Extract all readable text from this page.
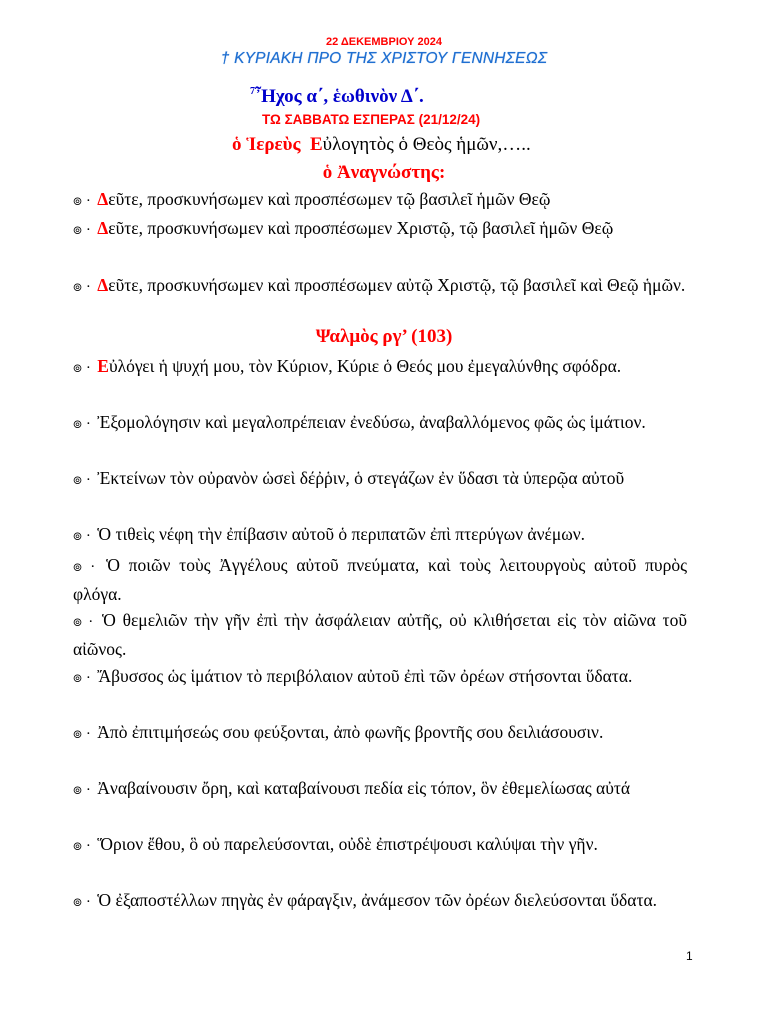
22 ΔΕΚΕΜΒΡΙΟΥ 2024
† ΚΥΡΙΑΚΗ ΠΡΟ ΤΗΣ ΧΡΙΣΤΟΥ ΓΕΝΝΗΣΕΩΣ
$^7$Ἦχος α΄, ἑωθινὸν Δ΄.
ΤΩ ΣΑΒΒΑΤΩ ΕΣΠΕΡΑΣ (21/12/24)
ὁ Ἱερεὺς Εὐλογητὸς ὁ Θεὸς ἡμῶν,…..
ὁ Ἀναγνώστης:
๏ · Δεῦτε, προσκυνήσωμεν καὶ προσπέσωμεν τῷ βασιλεῖ ἡμῶν Θεῷ
๏ · Δεῦτε, προσκυνήσωμεν καὶ προσπέσωμεν Χριστῷ, τῷ βασιλεῖ ἡμῶν Θεῷ
๏ · Δεῦτε, προσκυνήσωμεν καὶ προσπέσωμεν αὐτῷ Χριστῷ, τῷ βασιλεῖ καὶ Θεῷ ἡμῶν.
Ψαλμὸς ργ’ (103)
๏ · Εὐλόγει ἡ ψυχή μου, τὸν Κύριον, Κύριε ὁ Θεός μου ἐμεγαλύνθης σφόδρα.
๏ · Ἐξομολόγησιν καὶ μεγαλοπρέπειαν ἐνεδύσω, ἀναβαλλόμενος φῶς ὡς ἱμάτιον.
๏ · Ἐκτείνων τὸν οὐρανὸν ὡσεὶ δέῤῥιν, ὁ στεγάζων ἐν ὕδασι τὰ ὑπερῷα αὐτοῦ
๏ · Ὁ τιθεὶς νέφη τὴν ἐπίβασιν αὐτοῦ ὁ περιπατῶν ἐπὶ πτερύγων ἀνέμων.
๏ · Ὁ ποιῶν τοὺς Ἀγγέλους αὐτοῦ πνεύματα, καὶ τοὺς λειτουργοὺς αὐτοῦ πυρὸς φλόγα.
๏ · Ὁ θεμελιῶν τὴν γῆν ἐπὶ τὴν ἀσφάλειαν αὐτῆς, οὐ κλιθήσεται εἰς τὸν αἰῶνα τοῦ αἰῶνος.
๏ · Ἄβυσσος ὡς ἱμάτιον τὸ περιβόλαιον αὐτοῦ ἐπὶ τῶν ὀρέων στήσονται ὕδατα.
๏ · Ἀπὸ ἐπιτιμήσεώς σου φεύξονται, ἀπὸ φωνῆς βροντῆς σου δειλιάσουσιν.
๏ · Ἀναβαίνουσιν ὄρη, καὶ καταβαίνουσι πεδία εἰς τόπον, ὃν ἐθεμελίωσας αὐτά
๏ · Ὅριον ἔθου, ὃ οὐ παρελεύσονται, οὐδὲ ἐπιστρέψουσι καλύψαι τὴν γῆν.
๏ · Ὁ ἐξαποστέλλων πηγὰς ἐν φάραγξιν, ἀνάμεσον τῶν ὀρέων διελεύσονται ὕδατα.
1
